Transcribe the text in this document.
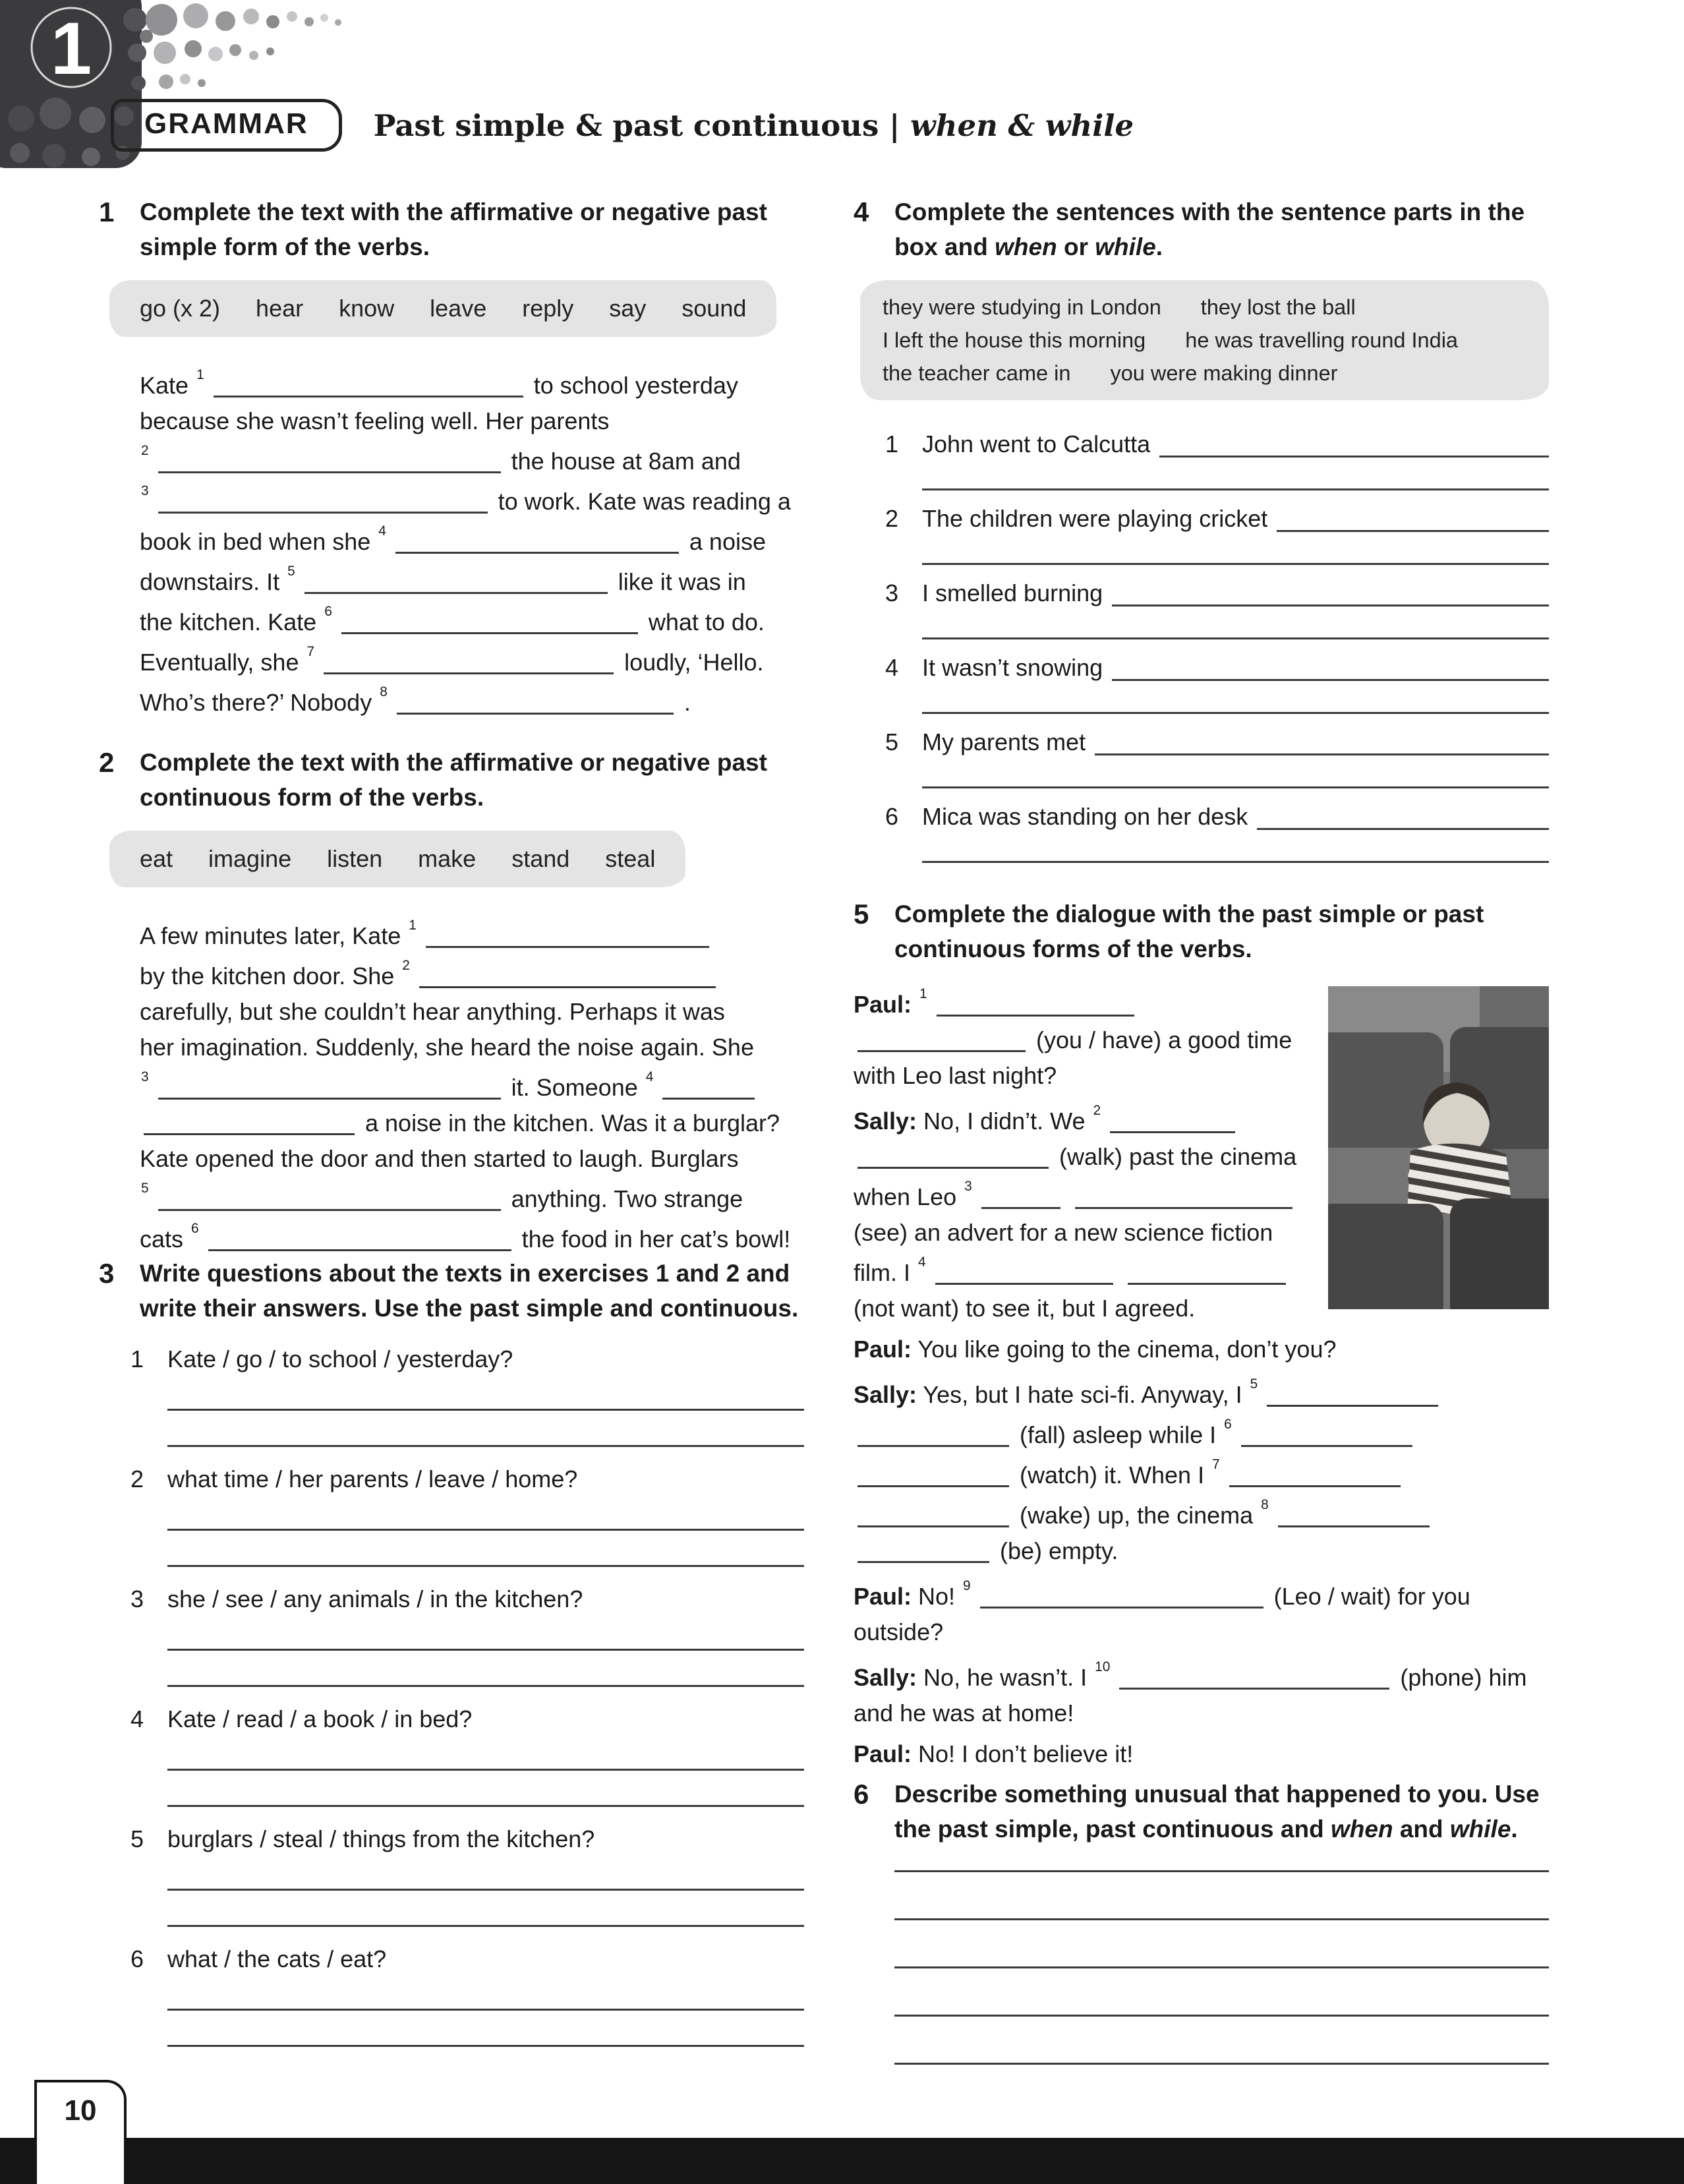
1
GRAMMAR	Past simple & past continuous | when & while
1	Complete the text with the affirmative or negative past simple form of the verbs.
go (x 2) hear know leave reply say sound
Kate $^1$	to school yesterday
because she wasn’t feeling well. Her parents
$^2$	the house at 8am and
$^3$	to work. Kate was reading a
book in bed when she $^4$	a noise
downstairs. It $^5$	like it was in
the kitchen. Kate $^6$	what to do.
Eventually, she $^7$	loudly, ‘Hello.
Who’s there?’ Nobody $^8$	.
2	Complete the text with the affirmative or negative past continuous form of the verbs.
eat imagine listen make stand steal
A few minutes later, Kate $^1$
by the kitchen door. She $^2$
carefully, but she couldn’t hear anything. Perhaps it was
her imagination. Suddenly, she heard the noise again. She
$^3$	it. Someone $^4$
a noise in the kitchen. Was it a burglar?
Kate opened the door and then started to laugh. Burglars
$^5$	anything. Two strange
cats $^6$	the food in her cat’s bowl!
3	Write questions about the texts in exercises 1 and 2 and write their answers. Use the past simple and continuous.
1 Kate / go / to school / yesterday?
2 what time / her parents / leave / home?
3 she / see / any animals / in the kitchen?
4 Kate / read / a book / in bed?
5 burglars / steal / things from the kitchen?
6 what / the cats / eat?
4	Complete the sentences with the sentence parts in the box and when or while.
they were studying in London they lost the ball
I left the house this morning he was travelling round India
the teacher came in you were making dinner
1 John went to Calcutta
2 The children were playing cricket
3 I smelled burning
4 It wasn’t snowing
5 My parents met
6 Mica was standing on her desk
5	Complete the dialogue with the past simple or past continuous forms of the verbs.

Paul: $^1$  (you / have) a good time with Leo last night?

Sally: No, I didn’t. We $^2$  (walk) past the cinema when Leo $^3$  (see) an advert for a new science fiction film. I $^4$  (not want) to see it, but I agreed.

Paul: You like going to the cinema, don’t you?

Sally: Yes, but I hate sci-fi. Anyway, I $^5$  (fall) asleep while I $^6$  (watch) it. When I $^7$  (wake) up, the cinema $^8$  (be) empty.

Paul: No! $^9$	(Leo / wait) for you outside?

Sally: No, he wasn’t. I $^{10}$	(phone) him and he was at home!

Paul: No! I don’t believe it!

6	Describe something unusual that happened to you. Use the past simple, past continuous and when and while.
10
